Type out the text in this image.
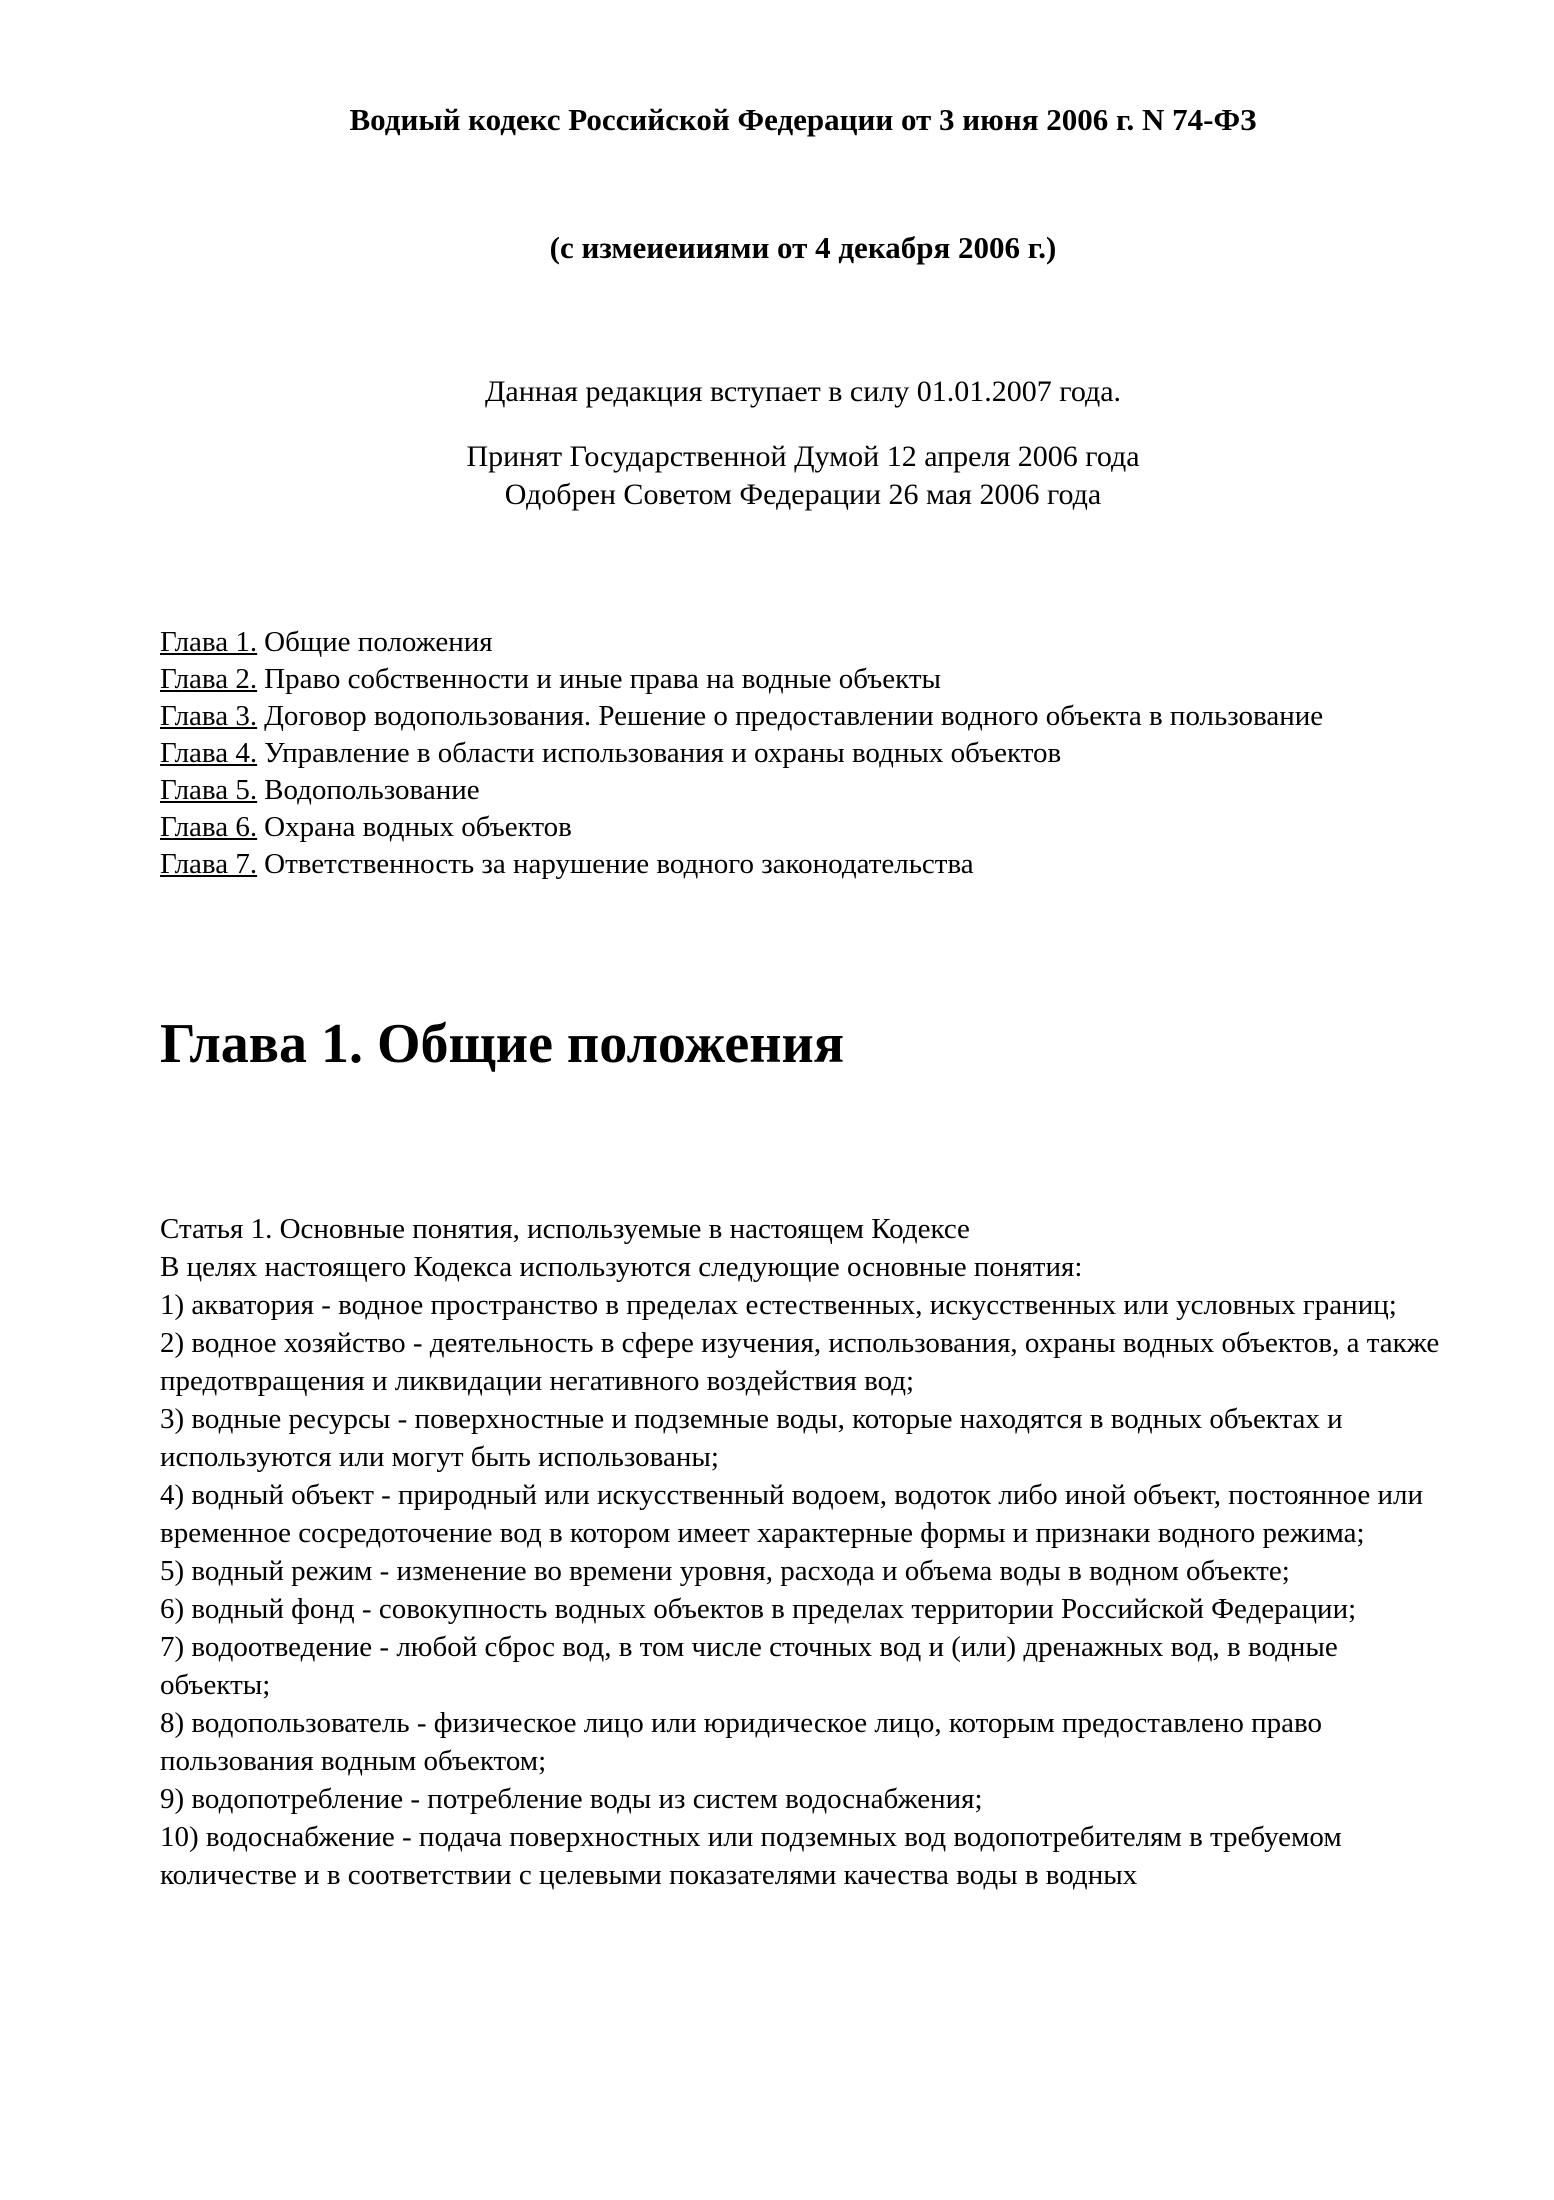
Водиый кодекс Российской Федерации от 3 июня 2006 г. N 74-ФЗ
(с измеиеииями от 4 декабря 2006 г.)
Данная редакция вступает в силу 01.01.2007 года.
Принят Государственной Думой 12 апреля 2006 года
Одобрен Советом Федерации 26 мая 2006 года
Глава 1. Общие положения
Глава 2. Право собственности и иные права на водные объекты
Глава 3. Договор водопользования. Решение о предоставлении водного объекта в пользование
Глава 4. Управление в области использования и охраны водных объектов
Глава 5. Водопользование
Глава 6. Охрана водных объектов
Глава 7. Ответственность за нарушение водного законодательства
Глава 1. Общие положения

Статья 1. Основные понятия, используемые в настоящем Кодексе

В целях настоящего Кодекса используются следующие основные понятия:

1) акватория - водное пространство в пределах естественных, искусственных или условных границ;

2) водное хозяйство - деятельность в сфере изучения, использования, охраны водных объектов, а также предотвращения и ликвидации негативного воздействия вод;

3) водные ресурсы - поверхностные и подземные воды, которые находятся в водных объектах и используются или могут быть использованы;

4) водный объект - природный или искусственный водоем, водоток либо иной объект, постоянное или временное сосредоточение вод в котором имеет характерные формы и признаки водного режима;

5) водный режим - изменение во времени уровня, расхода и объема воды в водном объекте;

6) водный фонд - совокупность водных объектов в пределах территории Российской Федерации;

7) водоотведение - любой сброс вод, в том числе сточных вод и (или) дренажных вод, в водные объекты;

8) водопользователь - физическое лицо или юридическое лицо, которым предоставлено право пользования водным объектом;

9) водопотребление - потребление воды из систем водоснабжения;

10) водоснабжение - подача поверхностных или подземных вод водопотребителям в требуемом количестве и в соответствии с целевыми показателями качества воды в водных
